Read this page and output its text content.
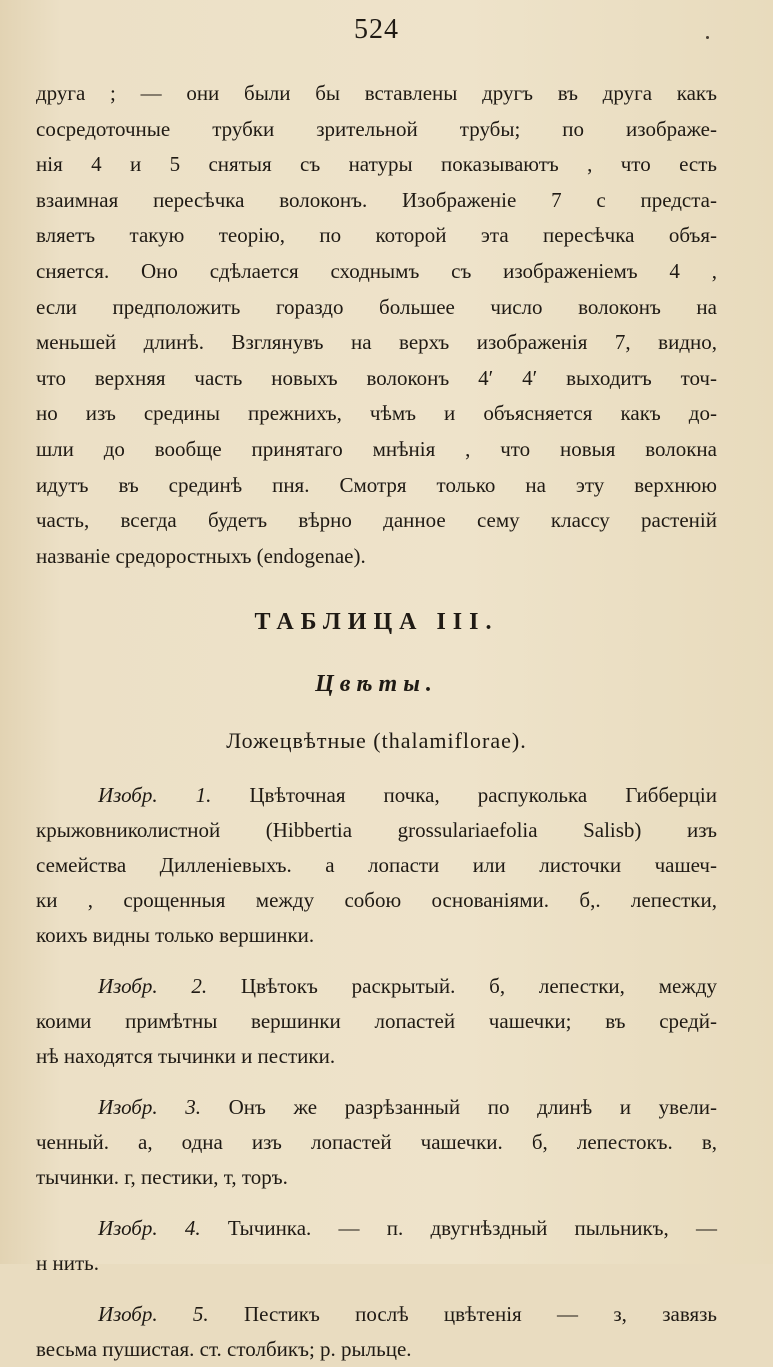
524
друга ; — они были бы вставлены другъ въ друга какъ
сосредоточные трубки зрительной трубы; по изображе-
нія 4 и 5 снятыя съ натуры показываютъ , что есть
взаимная пересѣчка волоконъ. Изображеніе 7 с предста-
вляетъ такую теорію, по которой эта пересѣчка объя-
сняется. Оно сдѣлается сходнымъ съ изображеніемъ 4 ,
если предположить гораздо большее число волоконъ на
меньшей длинѣ. Взглянувъ на верхъ изображенія 7, видно,
что верхняя часть новыхъ волоконъ 4′ 4′ выходитъ точ-
но изъ средины прежнихъ, чѣмъ и объясняется какъ до-
шли до вообще принятаго мнѣнія , что новыя волокна
идутъ въ срединѣ пня. Смотря только на эту верхнюю
часть, всегда будетъ вѣрно данное сему классу растеній
названіе средоростныхъ (endogenae).
ТАБЛИЦА III.
Цвѣты.
Ложецвѣтные (thalamiflorae).
Изобр. 1. Цвѣточная почка, распуколька Гибберціи
крыжовниколистной (Hibbertia grossulariaefolia Salisb) изъ
семейства Дилленіевыхъ. а лопасти или листочки чашеч-
ки , срощенныя между собою основаніями. б,. лепестки,
коихъ видны только вершинки.
Изобр. 2. Цвѣтокъ раскрытый. б, лепестки, между
коими примѣтны вершинки лопастей чашечки; въ средй-
нѣ находятся тычинки и пестики.
Изобр. 3. Онъ же разрѣзанный по длинѣ и увели-
ченный. а, одна изъ лопастей чашечки. б, лепестокъ. в,
тычинки. г, пестики, т, торъ.
Изобр. 4. Тычинка. — п. двугнѣздный пыльникъ, —
н нить.
Изобр. 5. Пестикъ послѣ цвѣтенія — з, завязь
весьма пушистая. ст. столбикъ; р. рыльце.
